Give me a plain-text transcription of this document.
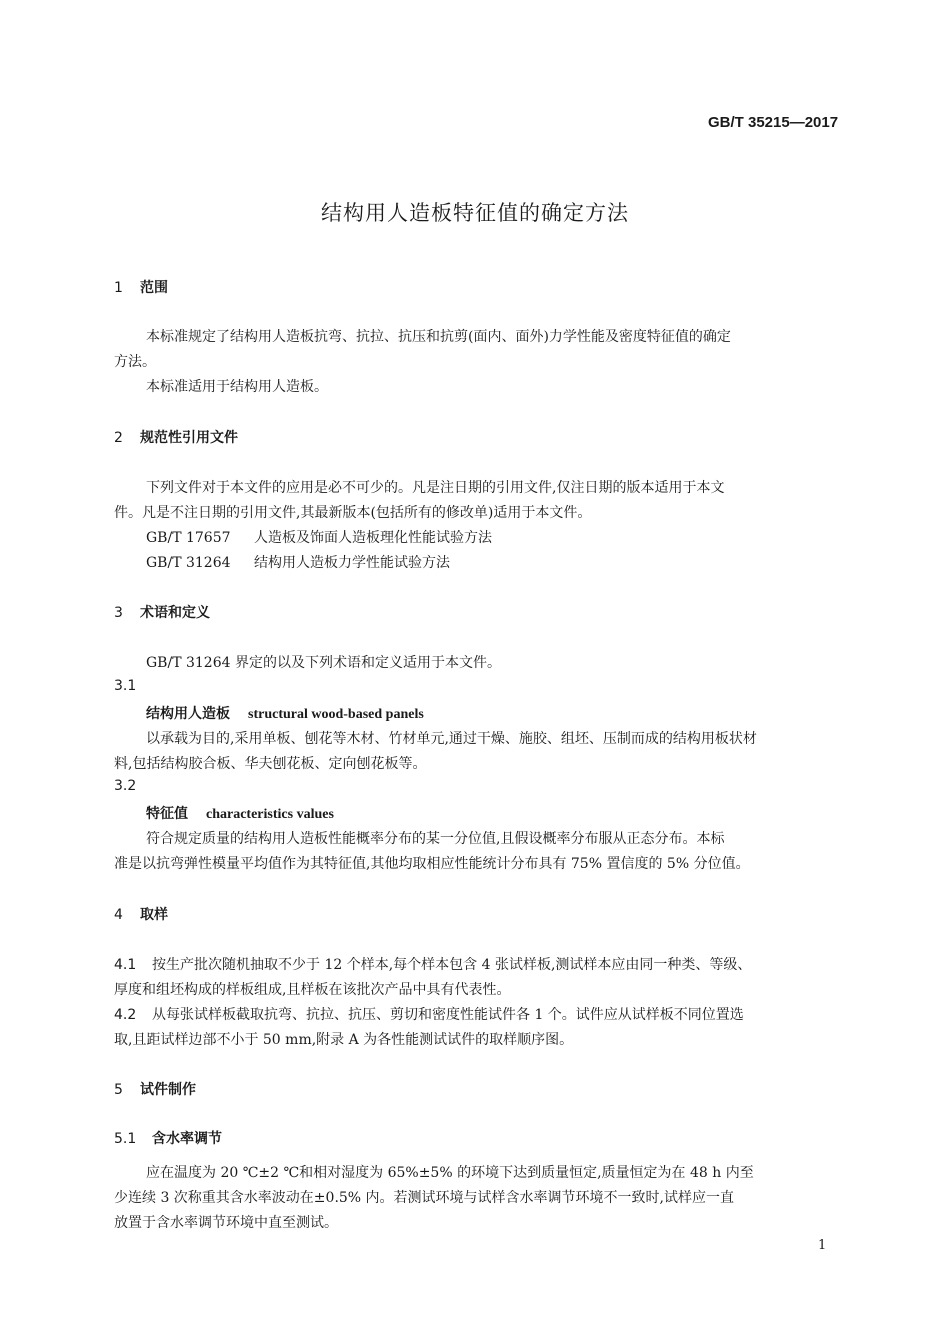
GB/T 35215—2017
结构用人造板特征值的确定方法
1 范围
本标准规定了结构用人造板抗弯、抗拉、抗压和抗剪(面内、面外)力学性能及密度特征值的确定
方法。
本标准适用于结构用人造板。
2 规范性引用文件
下列文件对于本文件的应用是必不可少的。凡是注日期的引用文件,仅注日期的版本适用于本文
件。凡是不注日期的引用文件,其最新版本(包括所有的修改单)适用于本文件。
GB/T 17657 人造板及饰面人造板理化性能试验方法
GB/T 31264 结构用人造板力学性能试验方法
3 术语和定义
GB/T 31264 界定的以及下列术语和定义适用于本文件。
3.1
结构用人造板 structural wood-based panels
以承载为目的,采用单板、刨花等木材、竹材单元,通过干燥、施胶、组坯、压制而成的结构用板状材
料,包括结构胶合板、华夫刨花板、定向刨花板等。
3.2
特征值 characteristics values
符合规定质量的结构用人造板性能概率分布的某一分位值,且假设概率分布服从正态分布。本标
准是以抗弯弹性模量平均值作为其特征值,其他均取相应性能统计分布具有 75% 置信度的 5% 分位值。
4 取样
4.1 按生产批次随机抽取不少于 12 个样本,每个样本包含 4 张试样板,测试样本应由同一种类、等级、
厚度和组坯构成的样板组成,且样板在该批次产品中具有代表性。
4.2 从每张试样板截取抗弯、抗拉、抗压、剪切和密度性能试件各 1 个。试件应从试样板不同位置选
取,且距试样边部不小于 50 mm,附录 A 为各性能测试试件的取样顺序图。
5 试件制作
5.1 含水率调节
应在温度为 20 ℃±2 ℃和相对湿度为 65%±5% 的环境下达到质量恒定,质量恒定为在 48 h 内至
少连续 3 次称重其含水率波动在±0.5% 内。若测试环境与试样含水率调节环境不一致时,试样应一直
放置于含水率调节环境中直至测试。
1
